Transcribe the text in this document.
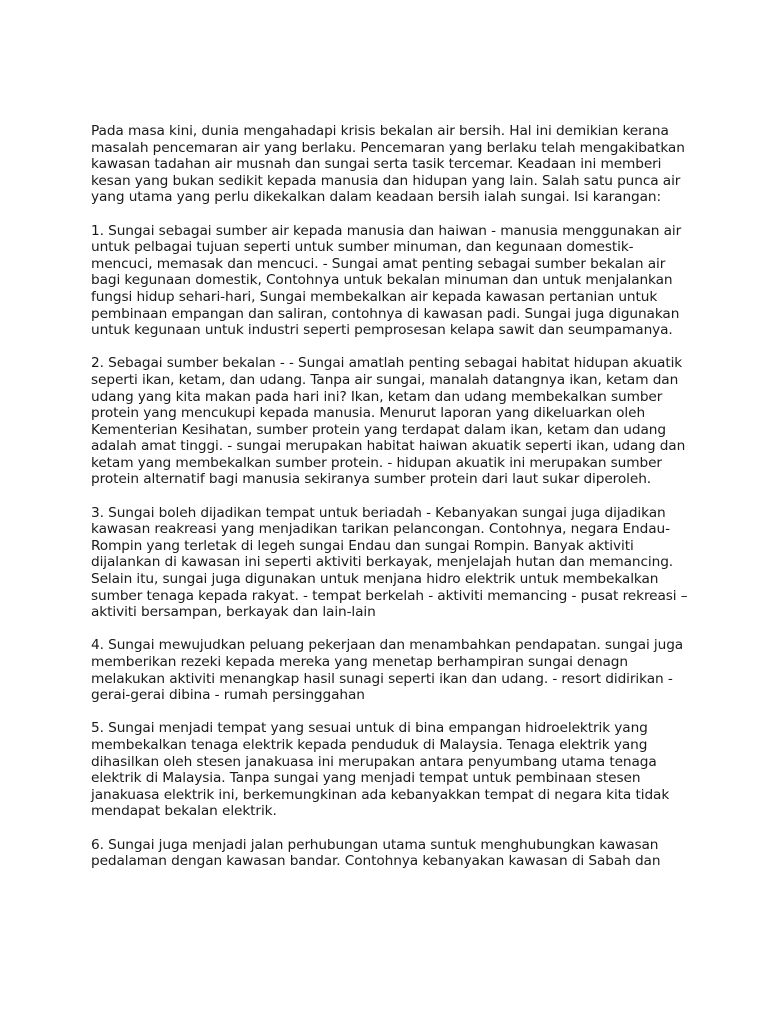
Pada masa kini, dunia mengahadapi krisis bekalan air bersih. Hal ini demikian kerana masalah pencemaran air yang berlaku. Pencemaran yang berlaku telah mengakibatkan kawasan tadahan air musnah dan sungai serta tasik tercemar. Keadaan ini memberi kesan yang bukan sedikit kepada manusia dan hidupan yang lain. Salah satu punca air yang utama yang perlu dikekalkan dalam keadaan bersih ialah sungai. Isi karangan:

1. Sungai sebagai sumber air kepada manusia dan haiwan - manusia menggunakan air untuk pelbagai tujuan seperti untuk sumber minuman, dan kegunaan domestik- mencuci, memasak dan mencuci. - Sungai amat penting sebagai sumber bekalan air bagi kegunaan domestik, Contohnya untuk bekalan minuman dan untuk menjalankan fungsi hidup sehari-hari, Sungai membekalkan air kepada kawasan pertanian untuk pembinaan empangan dan saliran, contohnya di kawasan padi. Sungai juga digunakan untuk kegunaan untuk industri seperti pemprosesan kelapa sawit dan seumpamanya.

2. Sebagai sumber bekalan - - Sungai amatlah penting sebagai habitat hidupan akuatik seperti ikan, ketam, dan udang. Tanpa air sungai, manalah datangnya ikan, ketam dan udang yang kita makan pada hari ini? Ikan, ketam dan udang membekalkan sumber protein yang mencukupi kepada manusia. Menurut laporan yang dikeluarkan oleh Kementerian Kesihatan, sumber protein yang terdapat dalam ikan, ketam dan udang adalah amat tinggi. - sungai merupakan habitat haiwan akuatik seperti ikan, udang dan ketam yang membekalkan sumber protein. - hidupan akuatik ini merupakan sumber protein alternatif bagi manusia sekiranya sumber protein dari laut sukar diperoleh.

3. Sungai boleh dijadikan tempat untuk beriadah - Kebanyakan sungai juga dijadikan kawasan reakreasi yang menjadikan tarikan pelancongan. Contohnya, negara Endau-Rompin yang terletak di legeh sungai Endau dan sungai Rompin. Banyak aktiviti dijalankan di kawasan ini seperti aktiviti berkayak, menjelajah hutan dan memancing. Selain itu, sungai juga digunakan untuk menjana hidro elektrik untuk membekalkan sumber tenaga kepada rakyat. - tempat berkelah - aktiviti memancing - pusat rekreasi – aktiviti bersampan, berkayak dan lain-lain

4. Sungai mewujudkan peluang pekerjaan dan menambahkan pendapatan. sungai juga memberikan rezeki kepada mereka yang menetap berhampiran sungai denagn melakukan aktiviti menangkap hasil sunagi seperti ikan dan udang. - resort didirikan - gerai-gerai dibina - rumah persinggahan

5. Sungai menjadi tempat yang sesuai untuk di bina empangan hidroelektrik yang membekalkan tenaga elektrik kepada penduduk di Malaysia. Tenaga elektrik yang dihasilkan oleh stesen janakuasa ini merupakan antara penyumbang utama tenaga elektrik di Malaysia. Tanpa sungai yang menjadi tempat untuk pembinaan stesen janakuasa elektrik ini, berkemungkinan ada kebanyakkan tempat di negara kita tidak mendapat bekalan elektrik.

6. Sungai juga menjadi jalan perhubungan utama suntuk menghubungkan kawasan pedalaman dengan kawasan bandar. Contohnya kebanyakan kawasan di Sabah dan
